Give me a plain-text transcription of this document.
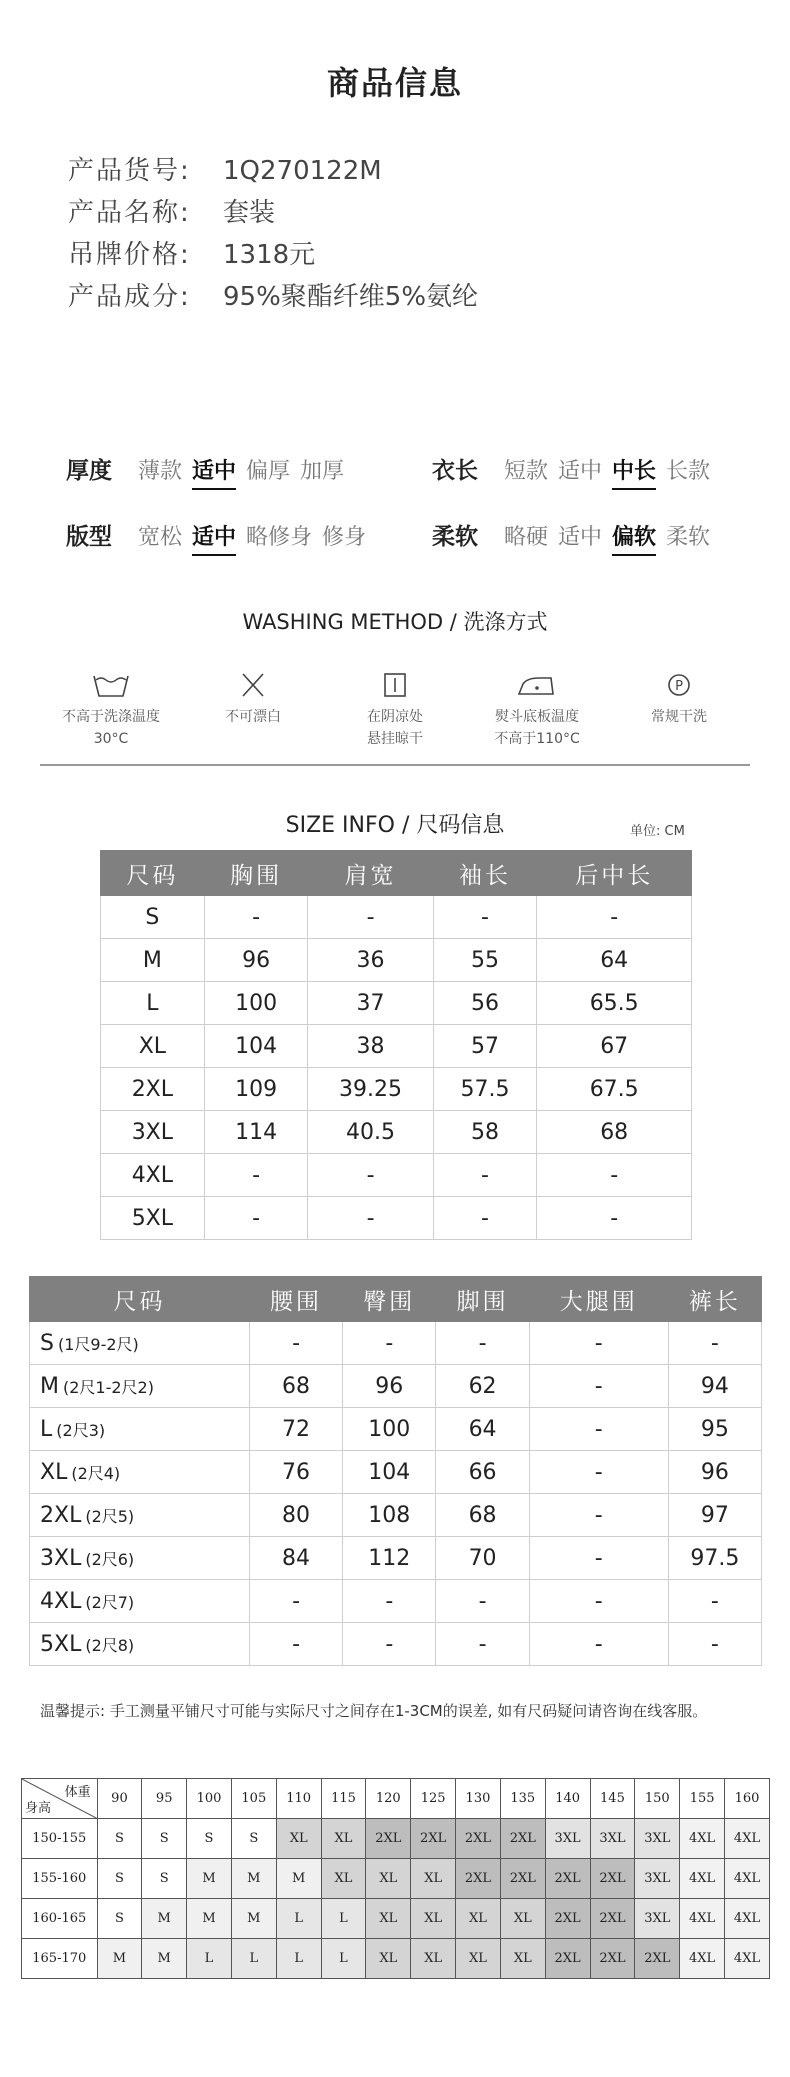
商品信息
产品货号: 1Q270122M
产品名称: 套装
吊牌价格: 1318元
产品成分: 95%聚酯纤维5%氨纶
厚度 薄款 适中 偏厚 加厚	衣长 短款 适中 中长 长款
版型 宽松 适中 略修身 修身	柔软 略硬 适中 偏软 柔软
WASHING METHOD / 洗涤方式
不高于洗涤温度
30°C
不可漂白	在阴凉处
悬挂晾干
熨斗底板温度
不高于110°C
P
常规干洗
SIZE INFO / 尺码信息	单位: CM
尺码	胸围	肩宽	袖长	后中长
S	-	-	-	-
M	96	36	55	64
L	100	37	56	65.5
XL	104	38	57	67
2XL	109	39.25	57.5	67.5
3XL	114	40.5	58	68
4XL	-	-	-	-
5XL	-	-	-	-
尺码	腰围	臀围	脚围	大腿围	裤长
S (1尺9-2尺)	-	-	-	-	-
M (2尺1-2尺2)	68	96	62	-	94
L (2尺3)	72	100	64	-	95
XL (2尺4)	76	104	66	-	96
2XL (2尺5)	80	108	68	-	97
3XL (2尺6)	84	112	70	-	97.5
4XL (2尺7)	-	-	-	-	-
5XL (2尺8)	-	-	-	-	-
温馨提示: 手工测量平铺尺寸可能与实际尺寸之间存在1-3CM的误差, 如有尺码疑问请咨询在线客服。
体重
身高	90	95	100	105	110	115	120	125	130	135	140	145	150	155	160
150-155	S	S	S	S	XL	XL	2XL	2XL	2XL	2XL	3XL	3XL	3XL	4XL	4XL
155-160	S	S	M	M	M	XL	XL	XL	2XL	2XL	2XL	2XL	3XL	4XL	4XL
160-165	S	M	M	M	L	L	XL	XL	XL	XL	2XL	2XL	3XL	4XL	4XL
165-170	M	M	L	L	L	L	XL	XL	XL	XL	2XL	2XL	2XL	4XL	4XL
